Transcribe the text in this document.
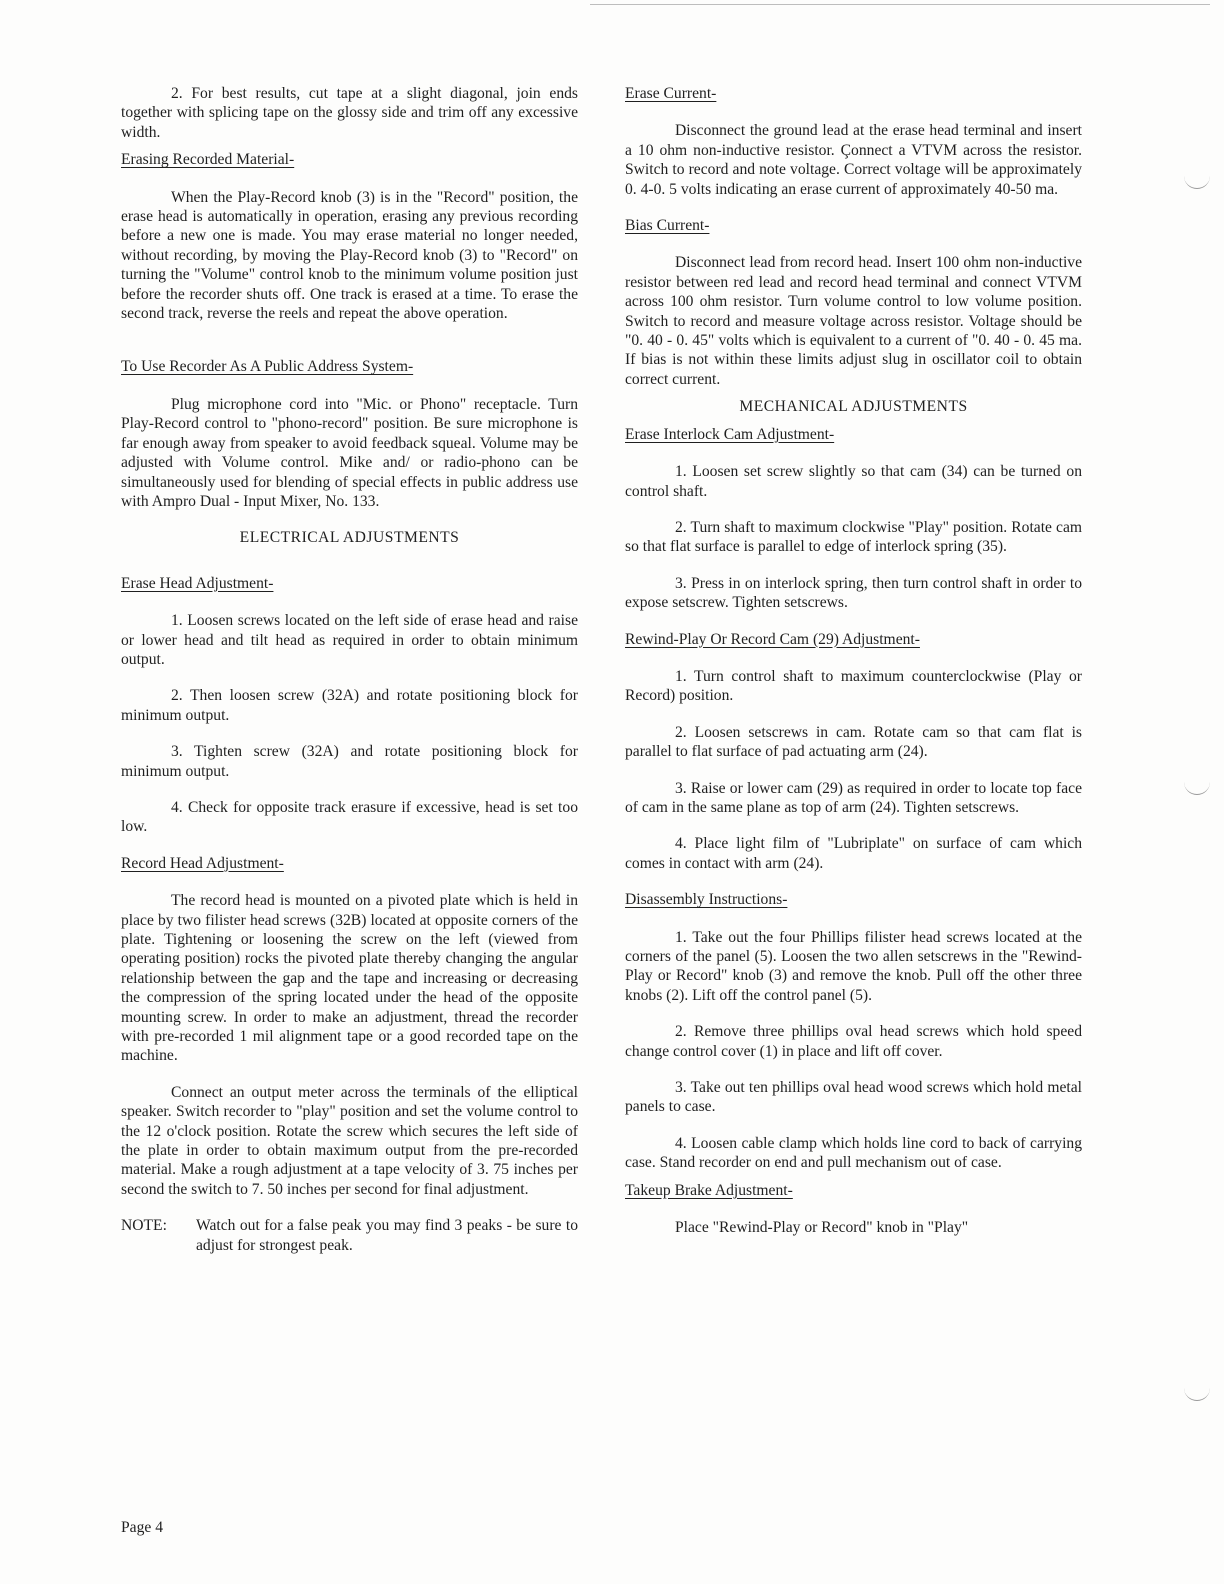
2. For best results, cut tape at a slight diagonal, join ends together with splicing tape on the glossy side and trim off any excessive width.

Erasing Recorded Material-

When the Play-Record knob (3) is in the "Record" position, the erase head is automatically in operation, erasing any previous recording before a new one is made. You may erase material no longer needed, without recording, by moving the Play-Record knob (3) to "Record" on turning the "Volume" control knob to the minimum volume position just before the recorder shuts off. One track is erased at a time. To erase the second track, reverse the reels and repeat the above operation.

To Use Recorder As A Public Address System-

Plug microphone cord into "Mic. or Phono" receptacle. Turn Play-Record control to "phono-record" position. Be sure microphone is far enough away from speaker to avoid feedback squeal. Volume may be adjusted with Volume control. Mike and/ or radio-phono can be simultaneously used for blending of special effects in public address use with Ampro Dual - Input Mixer, No. 133.

ELECTRICAL ADJUSTMENTS
Erase Head Adjustment-

1. Loosen screws located on the left side of erase head and raise or lower head and tilt head as required in order to obtain minimum output.

2. Then loosen screw (32A) and rotate positioning block for minimum output.

3. Tighten screw (32A) and rotate positioning block for minimum output.

4. Check for opposite track erasure if excessive, head is set too low.

Record Head Adjustment-

The record head is mounted on a pivoted plate which is held in place by two filister head screws (32B) located at opposite corners of the plate. Tightening or loosening the screw on the left (viewed from operating position) rocks the pivoted plate thereby changing the angular relationship between the gap and the tape and increasing or decreasing the compression of the spring located under the head of the opposite mounting screw. In order to make an adjustment, thread the recorder with pre-recorded 1 mil alignment tape or a good recorded tape on the machine.

Connect an output meter across the terminals of the elliptical speaker. Switch recorder to "play" position and set the volume control to the 12 o'clock position. Rotate the screw which secures the left side of the plate in order to obtain maximum output from the pre-recorded material. Make a rough adjustment at a tape velocity of 3. 75 inches per second the switch to 7. 50 inches per second for final adjustment.

NOTE:	Watch out for a false peak you may find 3 peaks - be sure to adjust for strongest peak.
Erase Current-

Disconnect the ground lead at the erase head terminal and insert a 10 ohm non-inductive resistor. Çonnect a VTVM across the resistor. Switch to record and note voltage. Correct voltage will be approximately 0. 4-0. 5 volts indicating an erase current of approximately 40-50 ma.

Bias Current-

Disconnect lead from record head. Insert 100 ohm non-inductive resistor between red lead and record head terminal and connect VTVM across 100 ohm resistor. Turn volume control to low volume position. Switch to record and measure voltage across resistor. Voltage should be "0. 40 - 0. 45" volts which is equivalent to a current of "0. 40 - 0. 45 ma. If bias is not within these limits adjust slug in oscillator coil to obtain correct current.

MECHANICAL ADJUSTMENTS
Erase Interlock Cam Adjustment-

1. Loosen set screw slightly so that cam (34) can be turned on control shaft.

2. Turn shaft to maximum clockwise "Play" position. Rotate cam so that flat surface is parallel to edge of interlock spring (35).

3. Press in on interlock spring, then turn control shaft in order to expose setscrew. Tighten setscrews.

Rewind-Play Or Record Cam (29) Adjustment-

1. Turn control shaft to maximum counterclockwise (Play or Record) position.

2. Loosen setscrews in cam. Rotate cam so that cam flat is parallel to flat surface of pad actuating arm (24).

3. Raise or lower cam (29) as required in order to locate top face of cam in the same plane as top of arm (24). Tighten setscrews.

4. Place light film of "Lubriplate" on surface of cam which comes in contact with arm (24).

Disassembly Instructions-

1. Take out the four Phillips filister head screws located at the corners of the panel (5). Loosen the two allen setscrews in the "Rewind-Play or Record" knob (3) and remove the knob. Pull off the other three knobs (2). Lift off the control panel (5).

2. Remove three phillips oval head screws which hold speed change control cover (1) in place and lift off cover.

3. Take out ten phillips oval head wood screws which hold metal panels to case.

4. Loosen cable clamp which holds line cord to back of carrying case. Stand recorder on end and pull mechanism out of case.

Takeup Brake Adjustment-

Place "Rewind-Play or Record" knob in "Play"

Page 4
